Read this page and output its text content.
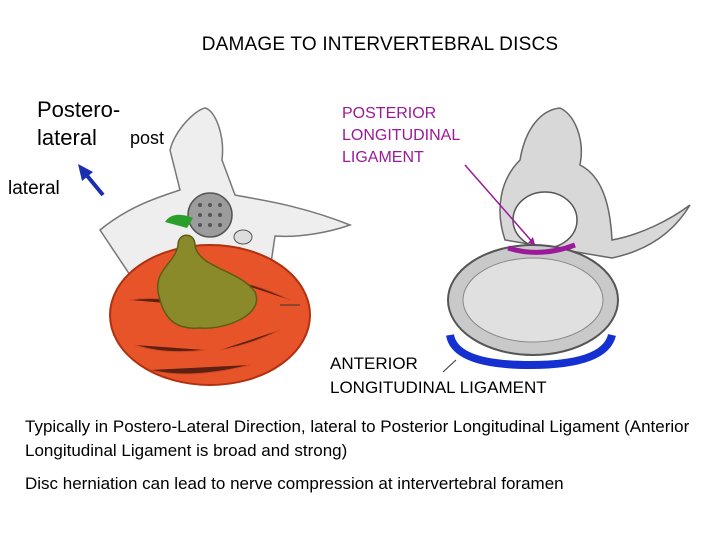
DAMAGE TO INTERVERTEBRAL DISCS
Postero-
lateral	post
lateral
POSTERIOR
LONGITUDINAL
LIGAMENT
ANTERIOR
LONGITUDINAL LIGAMENT
Typically in Postero-Lateral Direction, lateral to Posterior Longitudinal Ligament (Anterior Longitudinal Ligament is broad and strong)
Disc herniation can lead to nerve compression at intervertebral foramen
